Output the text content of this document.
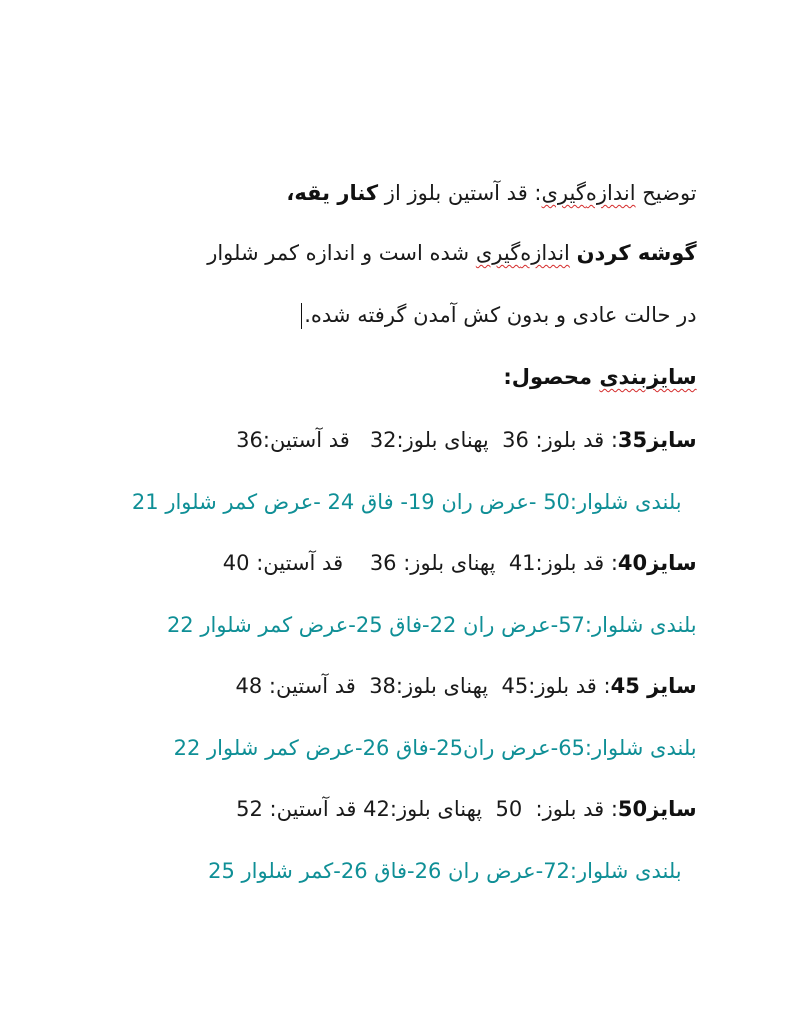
توضیح اندازه‌گیری: قد آستین بلوز از کنار یقه،

گوشه کردن اندازه‌گیری شده است و اندازه کمر شلوار

در حالت عادی و بدون کش آمدن گرفته شده.

سایزبندی محصول:

سایز35: قد بلوز: 36  پهنای بلوز:32   قد آستین:36

بلندی شلوار:50 -عرض ران 19- فاق 24 -عرض کمر شلوار 21

سایز40: قد بلوز:41  پهنای بلوز: 36    قد آستین: 40

بلندی شلوار:57-عرض ران 22-فاق 25-عرض کمر شلوار 22

سایز 45: قد بلوز:45  پهنای بلوز:38  قد آستین: 48

بلندی شلوار:65-عرض ران25-فاق 26-عرض کمر شلوار 22

سایز50: قد بلوز:  50  پهنای بلوز:42 قد آستین: 52

بلندی شلوار:72-عرض ران 26-فاق 26-کمر شلوار 25
